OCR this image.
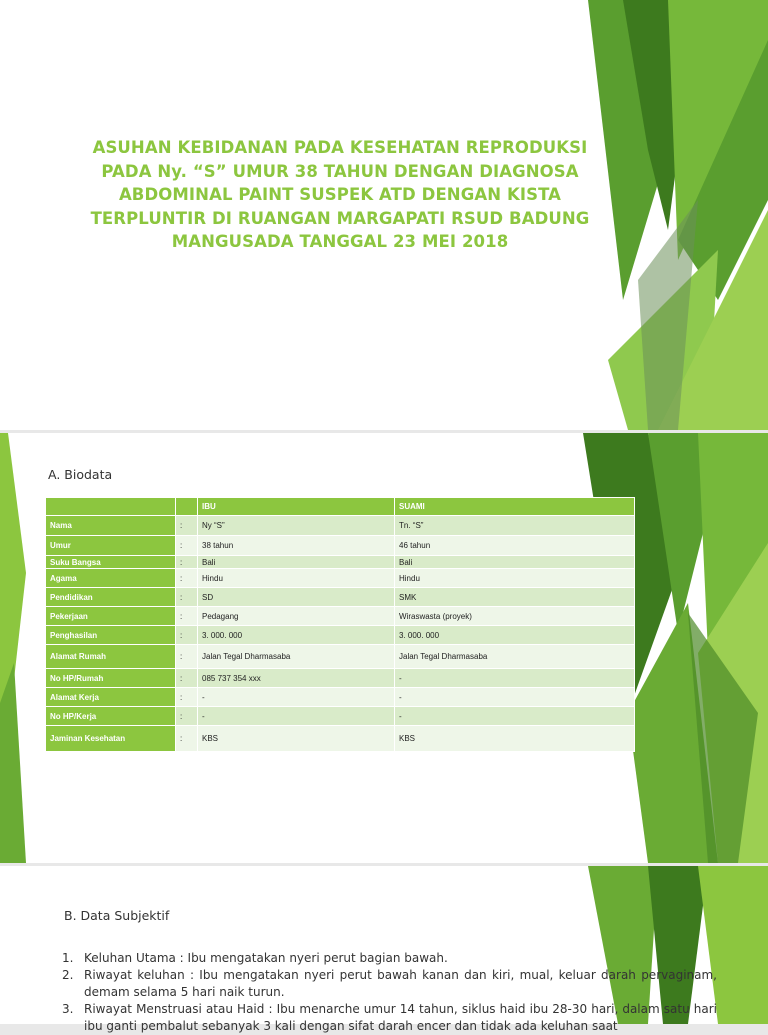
ASUHAN KEBIDANAN PADA KESEHATAN REPRODUKSI
PADA Ny. “S” UMUR 38 TAHUN DENGAN DIAGNOSA
ABDOMINAL PAINT SUSPEK ATD DENGAN KISTA
TERPLUNTIR DI RUANGAN MARGAPATI RSUD BADUNG
MANGUSADA TANGGAL 23 MEI 2018
A. Biodata
		IBU	SUAMI
Nama	:	Ny “S”	Tn. “S”
Umur	:	38 tahun	46 tahun
Suku Bangsa	:	Bali	Bali
Agama	:	Hindu	Hindu
Pendidikan	:	SD	SMK
Pekerjaan	:	Pedagang	Wiraswasta (proyek)
Penghasilan	:	3. 000. 000	3. 000. 000
Alamat Rumah	:	Jalan Tegal Dharmasaba	Jalan Tegal Dharmasaba
No HP/Rumah	:	085 737 354 xxx	-
Alamat Kerja	:	-	-
No HP/Kerja	:	-	-
Jaminan Kesehatan	:	KBS	KBS
B. Data Subjektif
1. Keluhan Utama : Ibu mengatakan nyeri perut bagian bawah.
2. Riwayat keluhan : Ibu mengatakan nyeri perut bawah kanan dan kiri, mual, keluar darah pervaginam, demam selama 5 hari naik turun.
3. Riwayat Menstruasi atau Haid : Ibu menarche umur 14 tahun, siklus haid ibu 28-30 hari, dalam satu hari ibu ganti pembalut sebanyak 3 kali dengan sifat darah encer dan tidak ada keluhan saat
